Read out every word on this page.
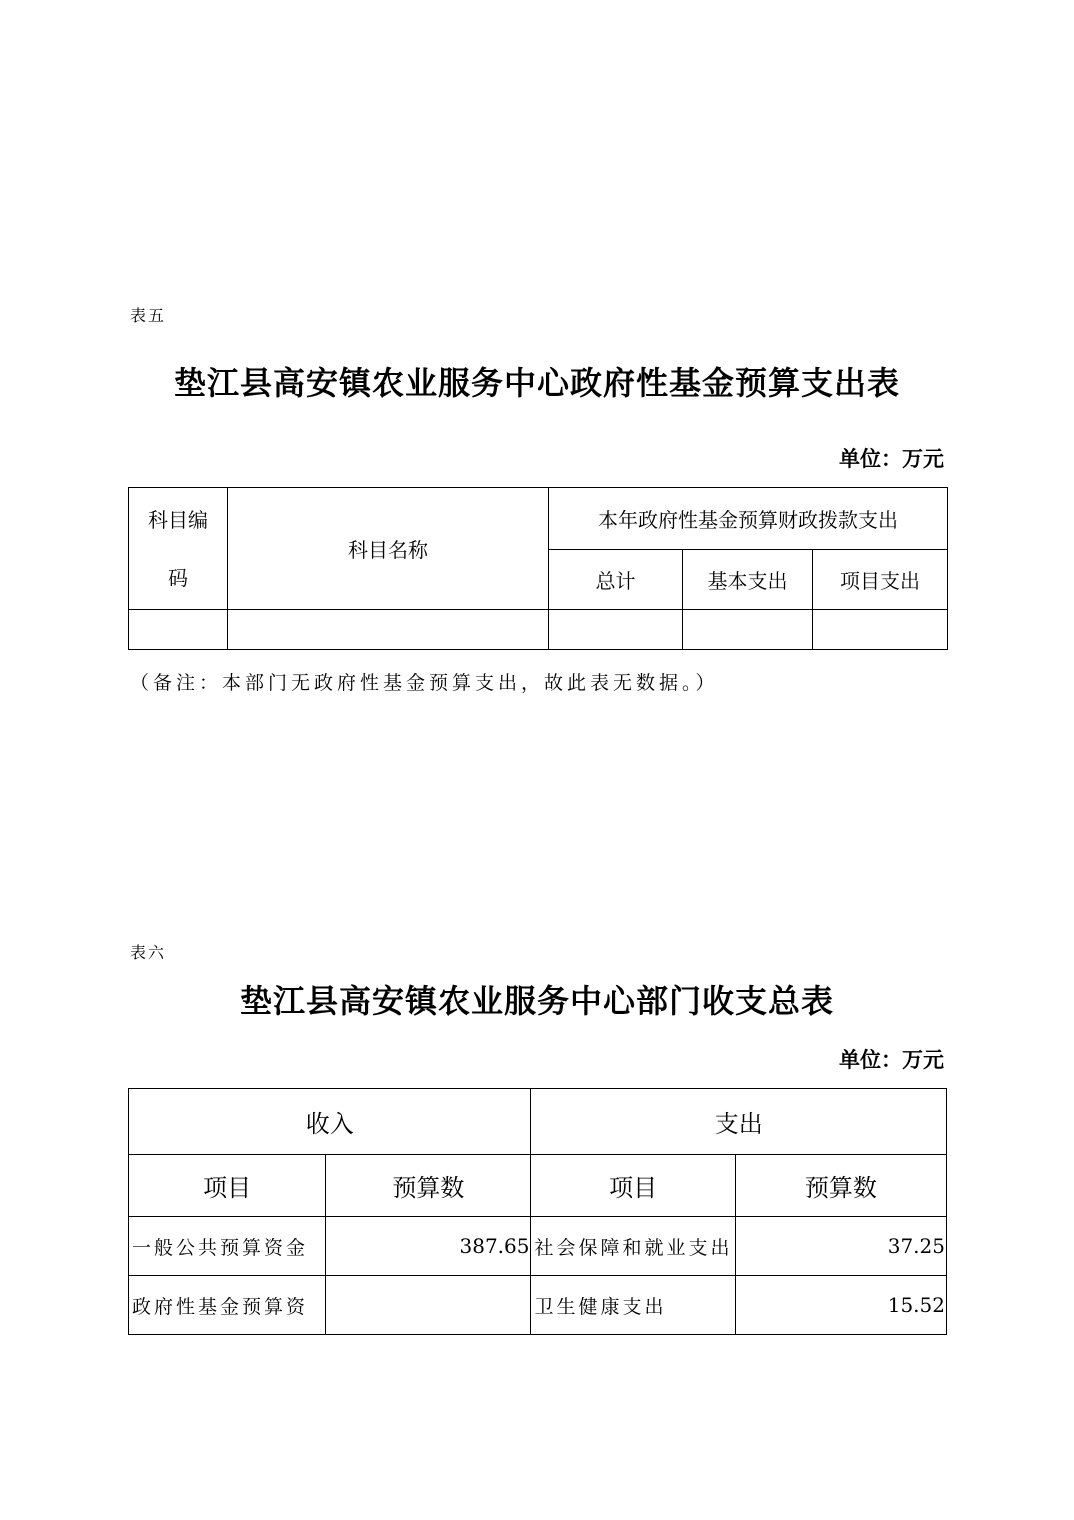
表五
垫江县高安镇农业服务中心政府性基金预算支出表
单位：万元
科目编
码	科目名称	本年政府性基金预算财政拨款支出		
		总计	基本支出	项目支出

（备注：本部门无政府性基金预算支出，故此表无数据。）
表六
垫江县高安镇农业服务中心部门收支总表
单位：万元
收入		支出	
项目	预算数	项目	预算数
一般公共预算资金	387.65	社会保障和就业支出	37.25
政府性基金预算资		卫生健康支出	15.52
